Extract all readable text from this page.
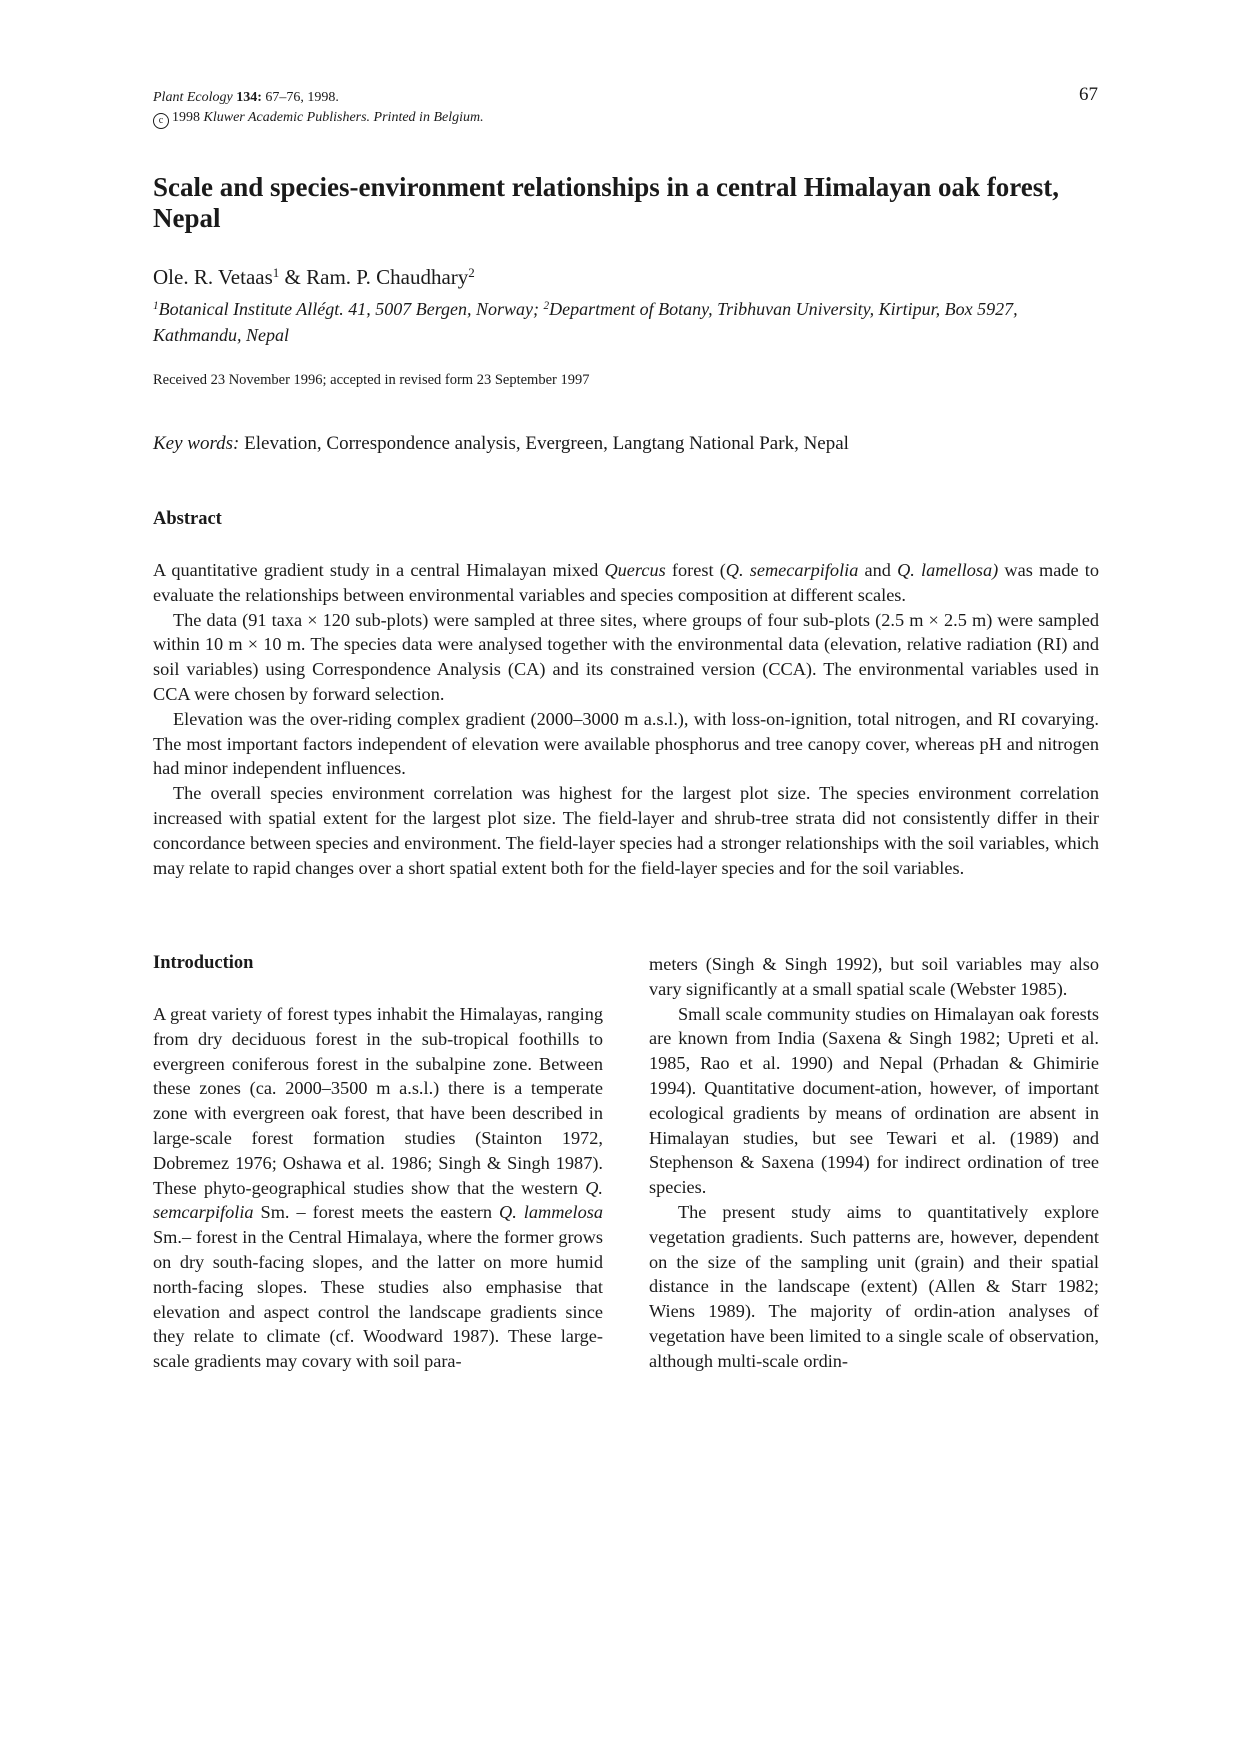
Plant Ecology 134: 67–76, 1998.
c 1998 Kluwer Academic Publishers. Printed in Belgium.
67
Scale and species-environment relationships in a central Himalayan oak forest, Nepal
Ole. R. Vetaas$^1$ & Ram. P. Chaudhary$^2$
$^1$Botanical Institute Allégt. 41, 5007 Bergen, Norway; $^2$Department of Botany, Tribhuvan University, Kirtipur, Box 5927, Kathmandu, Nepal
Received 23 November 1996; accepted in revised form 23 September 1997
Key words: Elevation, Correspondence analysis, Evergreen, Langtang National Park, Nepal
Abstract

A quantitative gradient study in a central Himalayan mixed Quercus forest (Q. semecarpifolia and Q. lamellosa) was made to evaluate the relationships between environmental variables and species composition at different scales.

The data (91 taxa × 120 sub-plots) were sampled at three sites, where groups of four sub-plots (2.5 m × 2.5 m) were sampled within 10 m × 10 m. The species data were analysed together with the environmental data (elevation, relative radiation (RI) and soil variables) using Correspondence Analysis (CA) and its constrained version (CCA). The environmental variables used in CCA were chosen by forward selection.

Elevation was the over-riding complex gradient (2000–3000 m a.s.l.), with loss-on-ignition, total nitrogen, and RI covarying. The most important factors independent of elevation were available phosphorus and tree canopy cover, whereas pH and nitrogen had minor independent influences.

The overall species environment correlation was highest for the largest plot size. The species environment correlation increased with spatial extent for the largest plot size. The field-layer and shrub-tree strata did not consistently differ in their concordance between species and environment. The field-layer species had a stronger relationships with the soil variables, which may relate to rapid changes over a short spatial extent both for the field-layer species and for the soil variables.

Introduction

A great variety of forest types inhabit the Himalayas, ranging from dry deciduous forest in the sub-tropical foothills to evergreen coniferous forest in the subalpine zone. Between these zones (ca. 2000–3500 m a.s.l.) there is a temperate zone with evergreen oak forest, that have been described in large-scale forest formation studies (Stainton 1972, Dobremez 1976; Oshawa et al. 1986; Singh & Singh 1987). These phyto-geographical studies show that the western Q. semcarpifolia Sm. – forest meets the eastern Q. lammelosa Sm.– forest in the Central Himalaya, where the former grows on dry south-facing slopes, and the latter on more humid north-facing slopes. These studies also emphasise that elevation and aspect control the landscape gradients since they relate to climate (cf. Woodward 1987). These large-scale gradients may covary with soil para-

meters (Singh & Singh 1992), but soil variables may also vary significantly at a small spatial scale (Webster 1985).

Small scale community studies on Himalayan oak forests are known from India (Saxena & Singh 1982; Upreti et al. 1985, Rao et al. 1990) and Nepal (Prhadan & Ghimirie 1994). Quantitative document-ation, however, of important ecological gradients by means of ordination are absent in Himalayan studies, but see Tewari et al. (1989) and Stephenson & Saxena (1994) for indirect ordination of tree species.

The present study aims to quantitatively explore vegetation gradients. Such patterns are, however, dependent on the size of the sampling unit (grain) and their spatial distance in the landscape (extent) (Allen & Starr 1982; Wiens 1989). The majority of ordin-ation analyses of vegetation have been limited to a single scale of observation, although multi-scale ordin-
